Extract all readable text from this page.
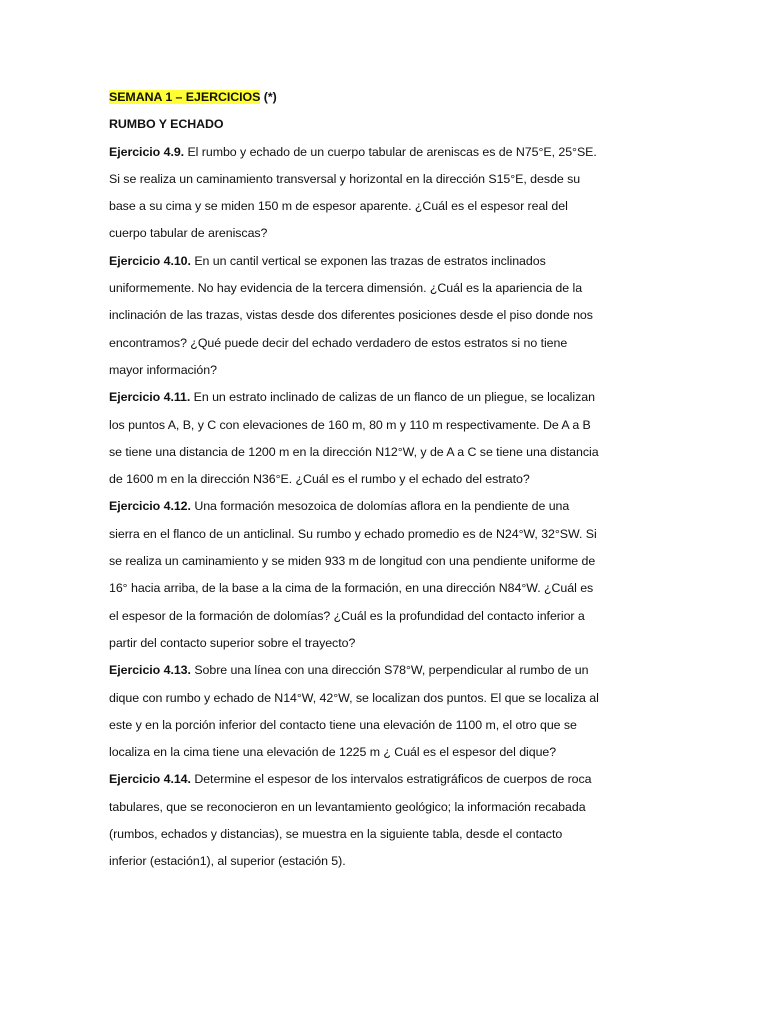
SEMANA 1 – EJERCICIOS (*)
RUMBO Y ECHADO
Ejercicio 4.9. El rumbo y echado de un cuerpo tabular de areniscas es de N75°E, 25°SE.
Si se realiza un caminamiento transversal y horizontal en la dirección S15°E, desde su
base a su cima y se miden 150 m de espesor aparente. ¿Cuál es el espesor real del
cuerpo tabular de areniscas?
Ejercicio 4.10. En un cantil vertical se exponen las trazas de estratos inclinados
uniformemente. No hay evidencia de la tercera dimensión. ¿Cuál es la apariencia de la
inclinación de las trazas, vistas desde dos diferentes posiciones desde el piso donde nos
encontramos? ¿Qué puede decir del echado verdadero de estos estratos si no tiene
mayor información?
Ejercicio 4.11. En un estrato inclinado de calizas de un flanco de un pliegue, se localizan
los puntos A, B, y C con elevaciones de 160 m, 80 m y 110 m respectivamente. De A a B
se tiene una distancia de 1200 m en la dirección N12°W, y de A a C se tiene una distancia
de 1600 m en la dirección N36°E. ¿Cuál es el rumbo y el echado del estrato?
Ejercicio 4.12. Una formación mesozoica de dolomías aflora en la pendiente de una
sierra en el flanco de un anticlinal. Su rumbo y echado promedio es de N24°W, 32°SW. Si
se realiza un caminamiento y se miden 933 m de longitud con una pendiente uniforme de
16° hacia arriba, de la base a la cima de la formación, en una dirección N84°W. ¿Cuál es
el espesor de la formación de dolomías? ¿Cuál es la profundidad del contacto inferior a
partir del contacto superior sobre el trayecto?
Ejercicio 4.13. Sobre una línea con una dirección S78°W, perpendicular al rumbo de un
dique con rumbo y echado de N14°W, 42°W, se localizan dos puntos. El que se localiza al
este y en la porción inferior del contacto tiene una elevación de 1100 m, el otro que se
localiza en la cima tiene una elevación de 1225 m ¿ Cuál es el espesor del dique?
Ejercicio 4.14. Determine el espesor de los intervalos estratigráficos de cuerpos de roca
tabulares, que se reconocieron en un levantamiento geológico; la información recabada
(rumbos, echados y distancias), se muestra en la siguiente tabla, desde el contacto
inferior (estación1), al superior (estación 5).
